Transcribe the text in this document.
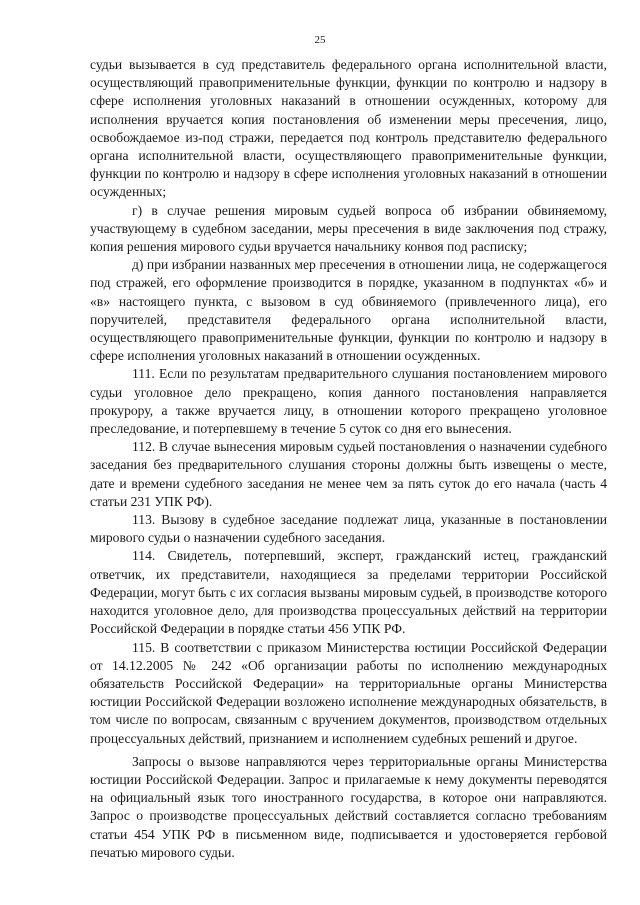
25

судьи вызывается в суд представитель федерального органа исполнительной власти, осуществляющий правоприменительные функции, функции по контролю и надзору в сфере исполнения уголовных наказаний в отношении осужденных, которому для исполнения вручается копия постановления об изменении меры пресечения, лицо, освобождаемое из-под стражи, передается под контроль представителю федерального органа исполнительной власти, осуществляющего правоприменительные функции, функции по контролю и надзору в сфере исполнения уголовных наказаний в отношении осужденных;

г) в случае решения мировым судьей вопроса об избрании обвиняемому, участвующему в судебном заседании, меры пресечения в виде заключения под стражу, копия решения мирового судьи вручается начальнику конвоя под расписку;

д) при избрании названных мер пресечения в отношении лица, не содержащегося под стражей, его оформление производится в порядке, указанном в подпунктах «б» и «в» настоящего пункта, с вызовом в суд обвиняемого (привлеченного лица), его поручителей, представителя федерального органа исполнительной власти, осуществляющего правоприменительные функции, функции по контролю и надзору в сфере исполнения уголовных наказаний в отношении осужденных.

111. Если по результатам предварительного слушания постановлением мирового судьи уголовное дело прекращено, копия данного постановления направляется прокурору, а также вручается лицу, в отношении которого прекращено уголовное преследование, и потерпевшему в течение 5 суток со дня его вынесения.

112. В случае вынесения мировым судьей постановления о назначении судебного заседания без предварительного слушания стороны должны быть извещены о месте, дате и времени судебного заседания не менее чем за пять суток до его начала (часть 4 статьи 231 УПК РФ).

113. Вызову в судебное заседание подлежат лица, указанные в постановлении мирового судьи о назначении судебного заседания.

114. Свидетель, потерпевший, эксперт, гражданский истец, гражданский ответчик, их представители, находящиеся за пределами территории Российской Федерации, могут быть с их согласия вызваны мировым судьей, в производстве которого находится уголовное дело, для производства процессуальных действий на территории Российской Федерации в порядке статьи 456 УПК РФ.

115. В соответствии с приказом Министерства юстиции Российской Федерации от 14.12.2005 № 242 «Об организации работы по исполнению международных обязательств Российской Федерации» на территориальные органы Министерства юстиции Российской Федерации возложено исполнение международных обязательств, в том числе по вопросам, связанным с вручением документов, производством отдельных процессуальных действий, признанием и исполнением судебных решений и другое.

Запросы о вызове направляются через территориальные органы Министерства юстиции Российской Федерации. Запрос и прилагаемые к нему документы переводятся на официальный язык того иностранного государства, в которое они направляются. Запрос о производстве процессуальных действий составляется согласно требованиям статьи 454 УПК РФ в письменном виде, подписывается и удостоверяется гербовой печатью мирового судьи.
